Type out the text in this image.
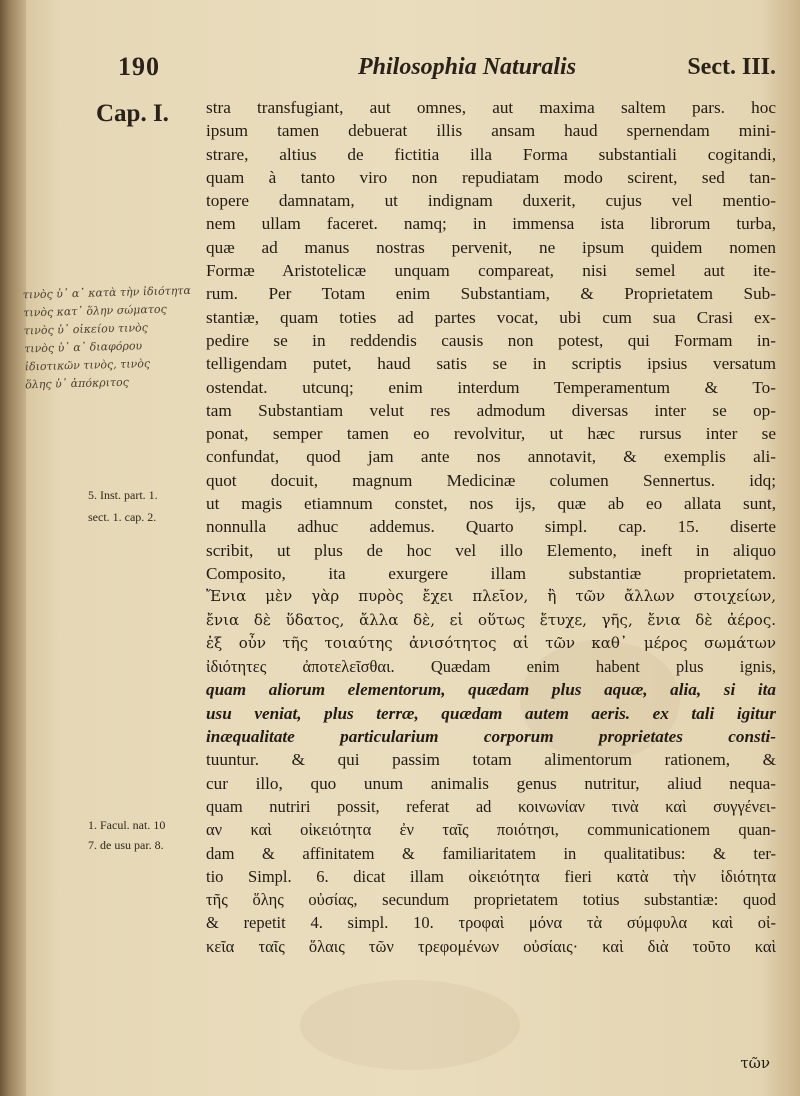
190	Philosophia Naturalis	Sect. III.
Cap. I.
τινὸς ὑ᾽ α᾽ κατὰ τὴν ἰδιότητα
τινὸς κατ᾽ ὅλην σώματος
τινὸς ὑ᾽ οἰκείου τινὸς
τινὸς ὑ᾽ α᾽ διαφόρου
ἰδιοτικῶν τινὸς, τινὸς
ὅλης ὑ᾽ ἀπόκριτος
5. Inst. part. 1.
sect. 1. cap. 2.
1. Facul. nat. 10
7. de usu par. 8.
stra transfugiant, aut omnes, aut maxima saltem pars. hoc
ipsum tamen debuerat illis ansam haud spernendam mini-
strare, altius de fictitia illa Forma substantiali cogitandi,
quam à tanto viro non repudiatam modo scirent, sed tan-
topere damnatam, ut indignam duxerit, cujus vel mentio-
nem ullam faceret. namq; in immensa ista librorum turba,
quæ ad manus nostras pervenit, ne ipsum quidem nomen
Formæ Aristotelicæ unquam compareat, nisi semel aut ite-
rum. Per Totam enim Substantiam, & Proprietatem Sub-
stantiæ, quam toties ad partes vocat, ubi cum sua Crasi ex-
pedire se in reddendis causis non potest, qui Formam in-
telligendam putet, haud satis se in scriptis ipsius versatum
ostendat. utcunq; enim interdum Temperamentum & To-
tam Substantiam velut res admodum diversas inter se op-
ponat, semper tamen eo revolvitur, ut hæc rursus inter se
confundat, quod jam ante nos annotavit, & exemplis ali-
quot docuit, magnum Medicinæ columen Sennertus. idq;
ut magis etiamnum constet, nos ijs, quæ ab eo allata sunt,
nonnulla adhuc addemus. Quarto simpl. cap. 15. diserte
scribit, ut plus de hoc vel illo Elemento, ineft in aliquo
Composito, ita exurgere illam substantiæ proprietatem.
Ἔνια μὲν γὰρ πυρὸς ἔχει πλεῖον, ἢ τῶν ἄλλων στοιχείων,
ἔνια δὲ ὕδατος, ἄλλα δὲ, εἰ οὕτως ἔτυχε, γῆς, ἔνια δὲ ἀέρος.
ἐξ οὖν τῆς τοιαύτης ἀνισότητος αἱ τῶν καθ᾽ μέρος σωμάτων
ἰδιότητες ἀποτελεῖσθαι. Quædam enim habent plus ignis,
quam aliorum elementorum, quædam plus aquæ, alia, si ita
usu veniat, plus terræ, quædam autem aeris. ex tali igitur
inæqualitate particularium corporum proprietates consti-
tuuntur. & qui passim totam alimentorum rationem, &
cur illo, quo unum animalis genus nutritur, aliud nequa-
quam nutriri possit, referat ad κοινωνίαν τινὰ καὶ συγγένει-
αν καὶ οἰκειότητα ἐν ταῖς ποιότησι, communicationem quan-
dam & affinitatem & familiaritatem in qualitatibus: & ter-
tio Simpl. 6. dicat illam οἰκειότητα fieri κατὰ τὴν ἰδιότητα
τῆς ὅλης οὐσίας, secundum proprietatem totius substantiæ: quod
& repetit 4. simpl. 10. τροφαὶ μόνα τὰ σύμφυλα καὶ οἰ-
κεῖα ταῖς ὅλαις τῶν τρεφομένων οὐσίαις· καὶ διὰ τοῦτο καὶ
τῶν
